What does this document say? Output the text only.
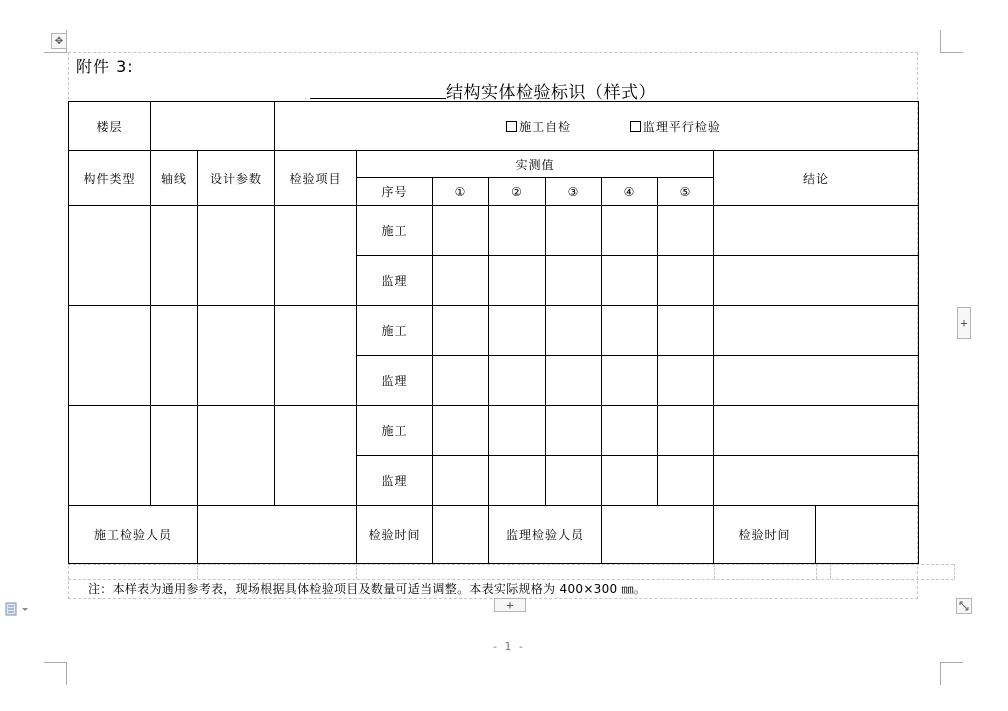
✥
+
+
附件 3:
结构实体检验标识（样式）
楼层			施工自检 监理平行检验								
构件类型	轴线	设计参数	检验项目	实测值						结论	
				序号	①	②	③	④	⑤		
				施工							
				监理							
				施工							
				监理							
				施工							
				监理							
施工检验人员				检验时间		监理检验人员				检验时间	
注：本样表为通用参考表，现场根据具体检验项目及数量可适当调整。本表实际规格为 400×300 ㎜。
- 1 -
